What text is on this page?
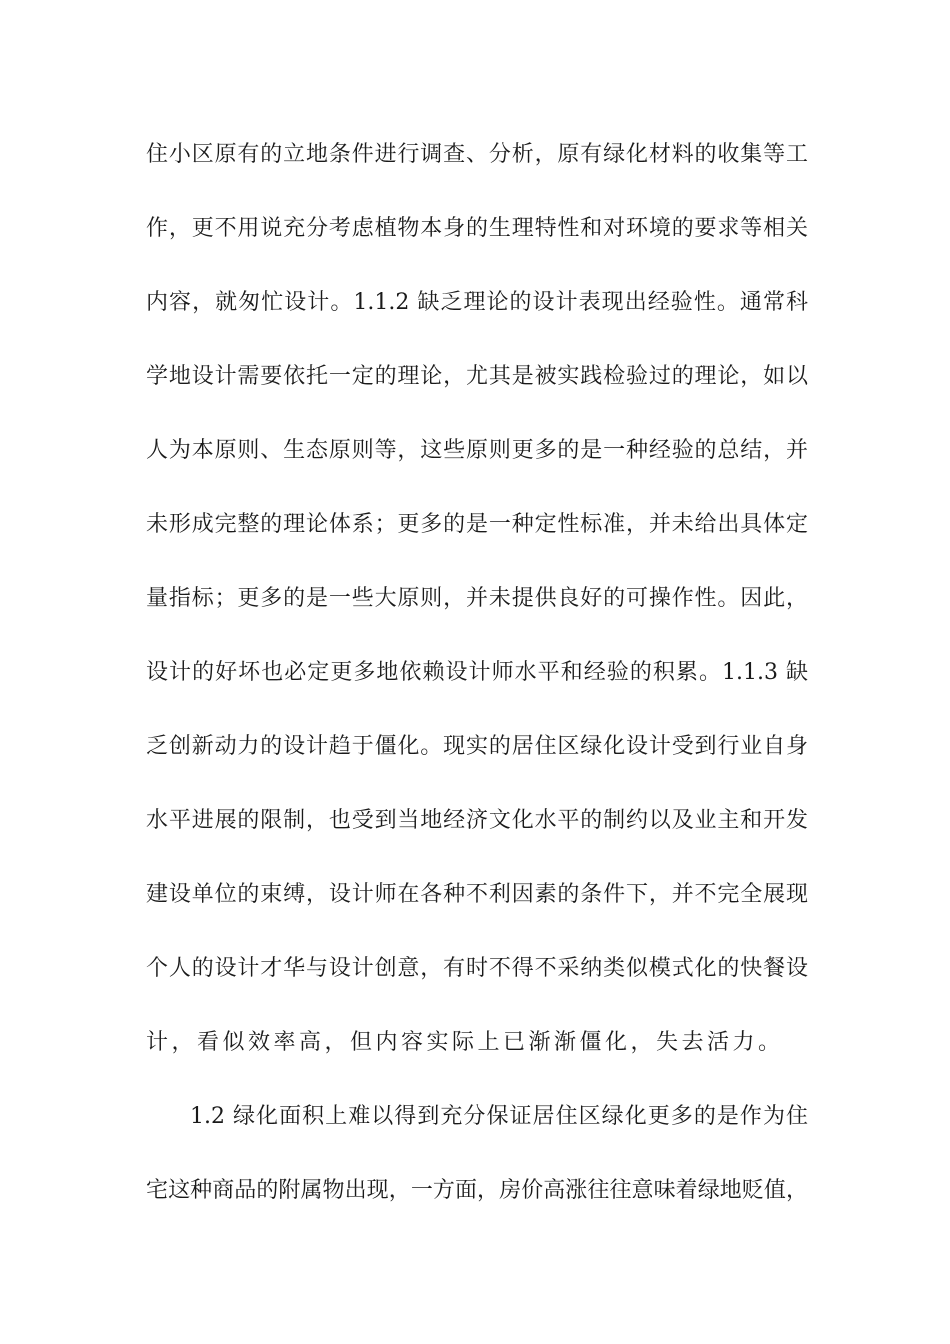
住小区原有的立地条件进行调查、分析，原有绿化材料的收集等工
作，更不用说充分考虑植物本身的生理特性和对环境的要求等相关
内容，就匆忙设计。1.1.2 缺乏理论的设计表现出经验性。通常科
学地设计需要依托一定的理论，尤其是被实践检验过的理论，如以
人为本原则、生态原则等，这些原则更多的是一种经验的总结，并
未形成完整的理论体系；更多的是一种定性标准，并未给出具体定
量指标；更多的是一些大原则，并未提供良好的可操作性。因此，
设计的好坏也必定更多地依赖设计师水平和经验的积累。1.1.3 缺
乏创新动力的设计趋于僵化。现实的居住区绿化设计受到行业自身
水平进展的限制，也受到当地经济文化水平的制约以及业主和开发
建设单位的束缚，设计师在各种不利因素的条件下，并不完全展现
个人的设计才华与设计创意，有时不得不采纳类似模式化的快餐设
计，看似效率高，但内容实际上已渐渐僵化，失去活力。
1.2 绿化面积上难以得到充分保证居住区绿化更多的是作为住
宅这种商品的附属物出现，一方面，房价高涨往往意味着绿地贬值，
